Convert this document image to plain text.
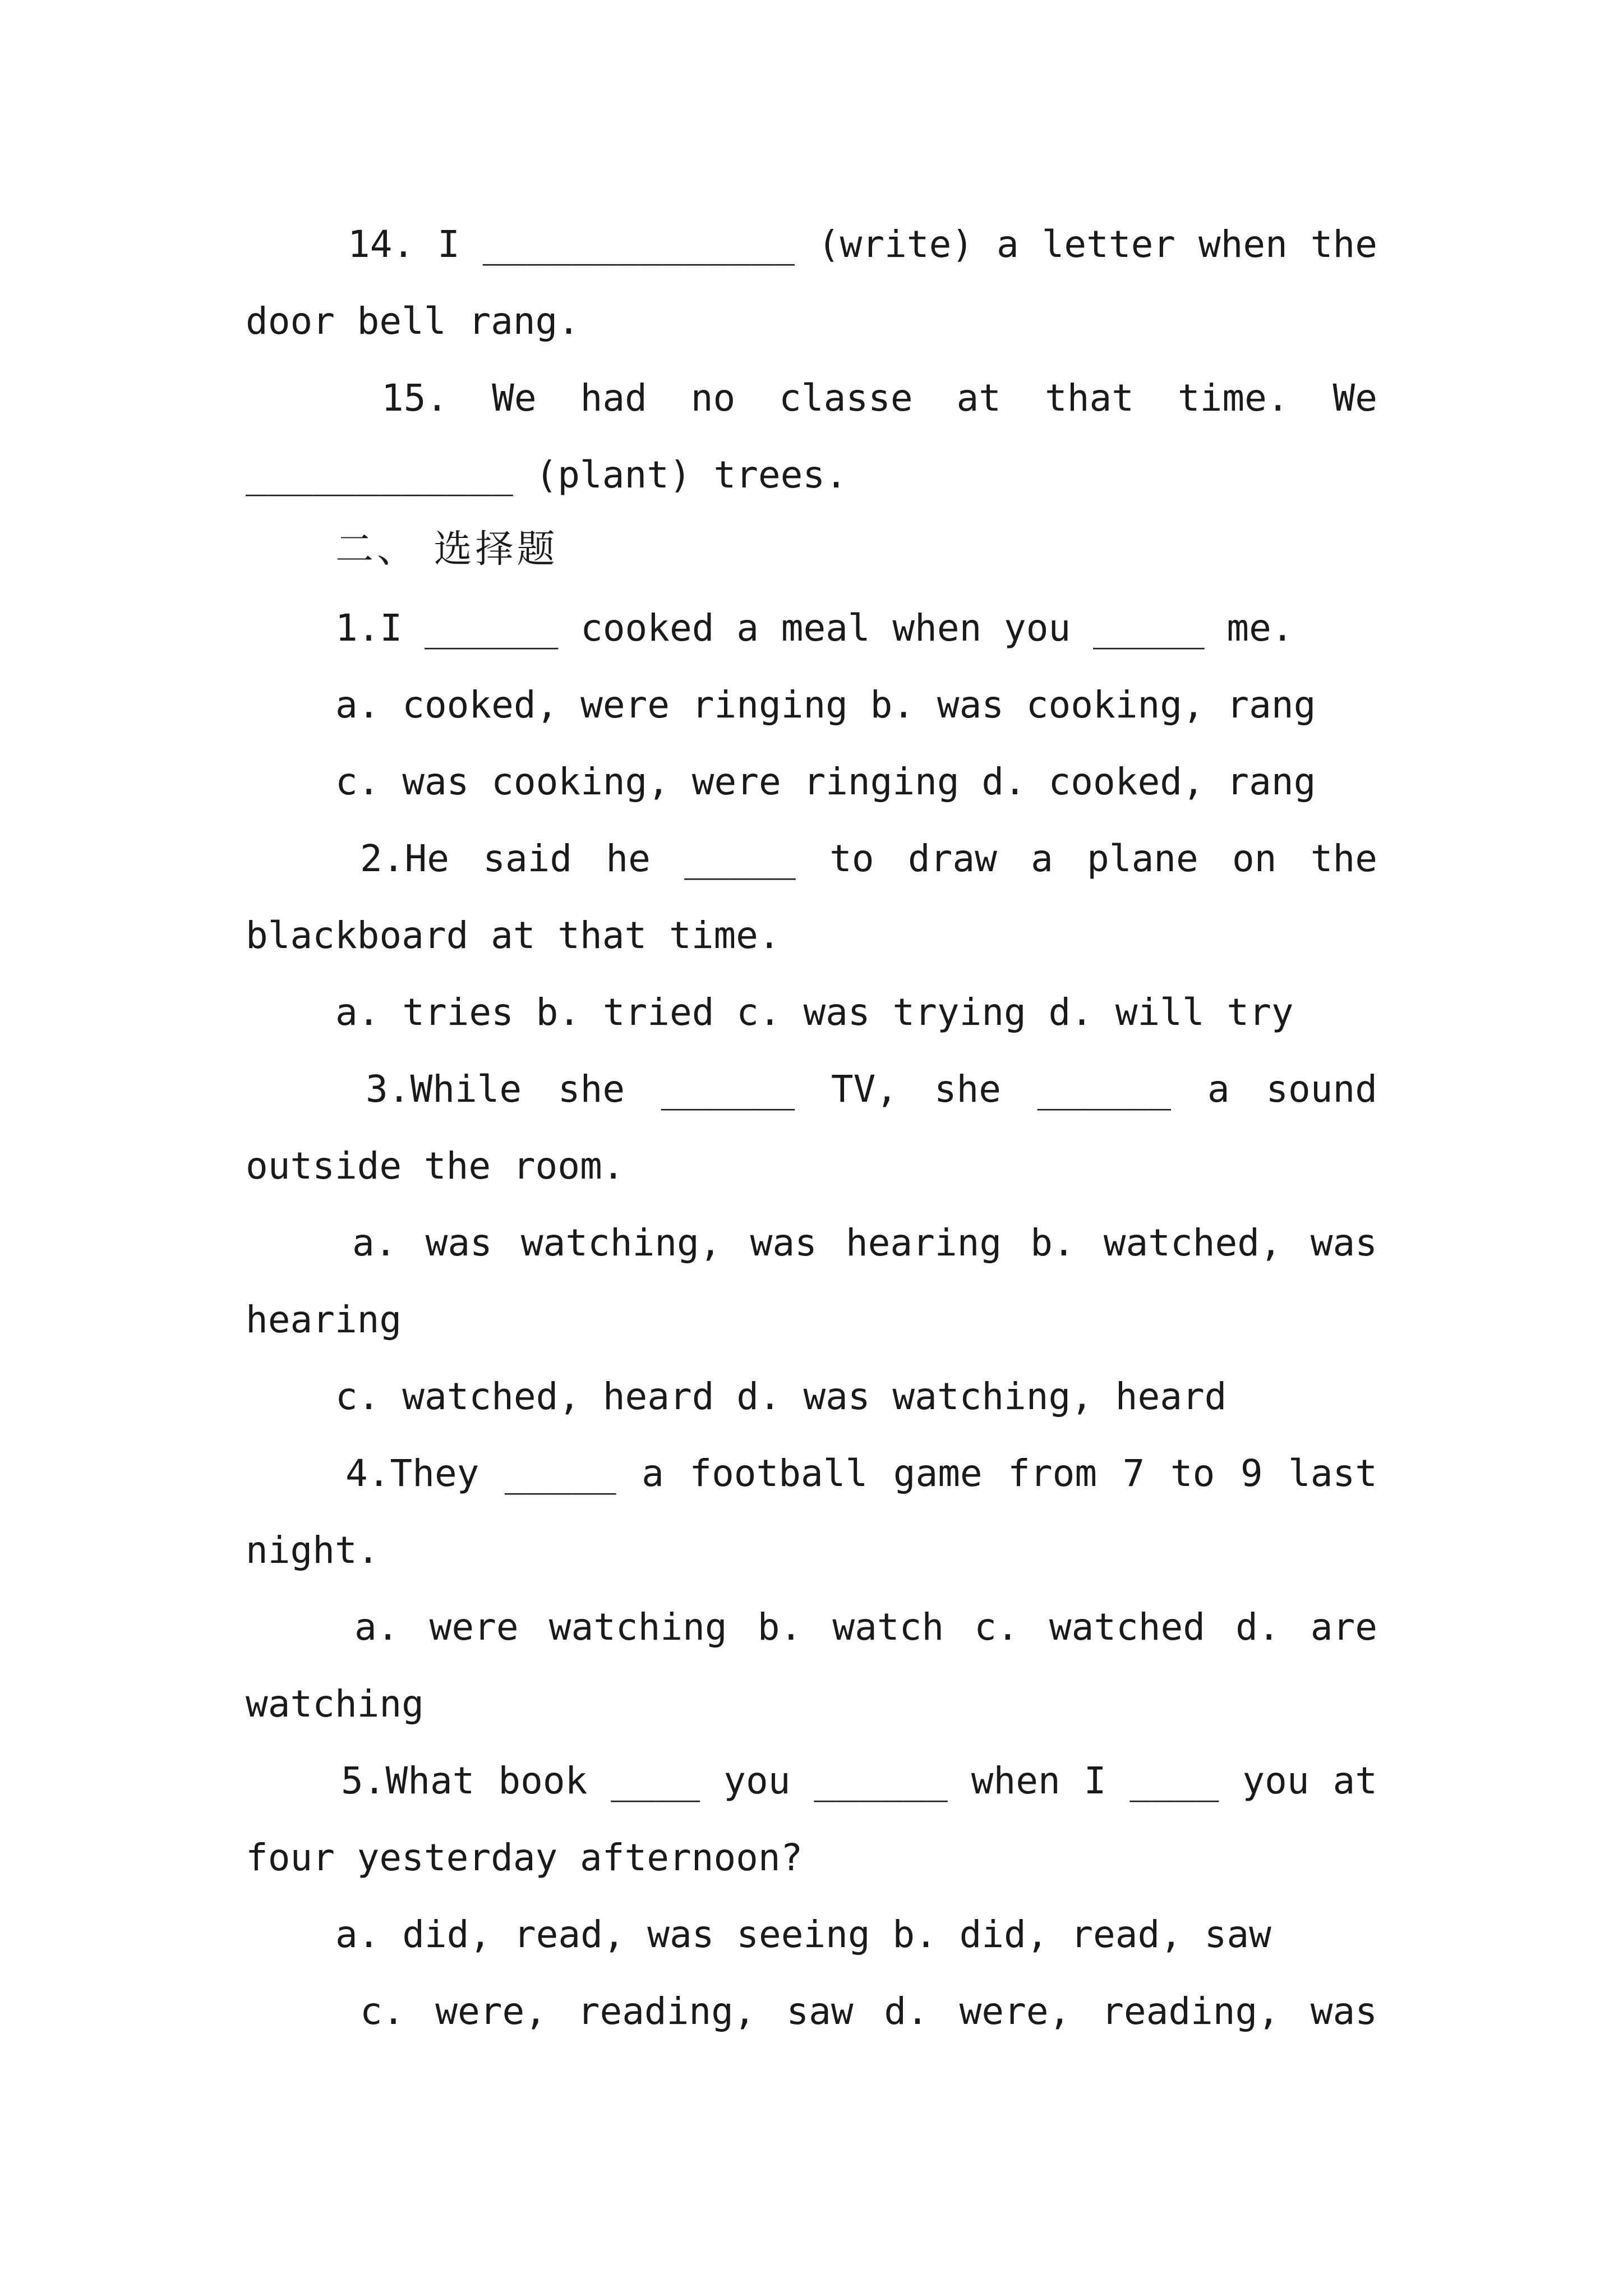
14. I ______________ (write) a letter when the
door bell rang.
15. We had no classe at that time. We
____________ (plant) trees.
二、 选择题
1.I ______ cooked a meal when you _____ me.
a. cooked, were ringing b. was cooking, rang
c. was cooking, were ringing d. cooked, rang
2.He said he _____ to draw a plane on the
blackboard at that time.
a. tries b. tried c. was trying d. will try
3.While she ______ TV, she ______ a sound
outside the room.
a. was watching, was hearing b. watched, was
hearing
c. watched, heard d. was watching, heard
4.They _____ a football game from 7 to 9 last
night.
a. were watching b. watch c. watched d. are
watching
5.What book ____ you ______ when I ____ you at
four yesterday afternoon?
a. did, read, was seeing b. did, read, saw
c. were, reading, saw d. were, reading, was
